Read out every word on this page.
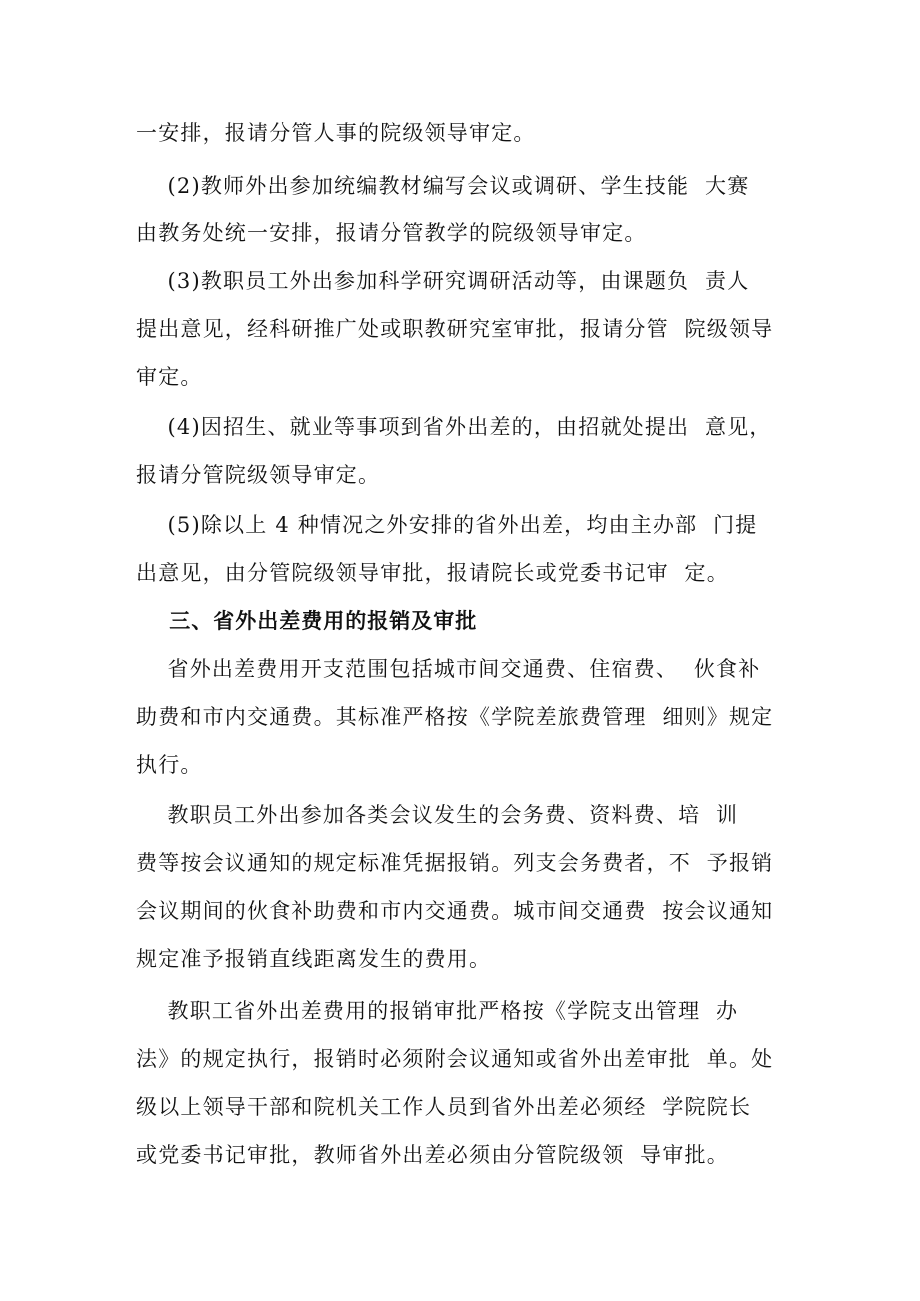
一安排，报请分管人事的院级领导审定。
(2)教师外出参加统编教材编写会议或调研、学生技能  大赛
由教务处统一安排，报请分管教学的院级领导审定。
(3)教职员工外出参加科学研究调研活动等，由课题负  责人
提出意见，经科研推广处或职教研究室审批，报请分管  院级领导
审定。
(4)因招生、就业等事项到省外出差的，由招就处提出  意见，
报请分管院级领导审定。
(5)除以上 4 种情况之外安排的省外出差，均由主办部  门提
出意见，由分管院级领导审批，报请院长或党委书记审  定。
三、省外出差费用的报销及审批
省外出差费用开支范围包括城市间交通费、住宿费、  伙食补
助费和市内交通费。其标准严格按《学院差旅费管理  细则》规定
执行。
教职员工外出参加各类会议发生的会务费、资料费、培  训
费等按会议通知的规定标准凭据报销。列支会务费者，不  予报销
会议期间的伙食补助费和市内交通费。城市间交通费  按会议通知
规定准予报销直线距离发生的费用。
教职工省外出差费用的报销审批严格按《学院支出管理  办
法》的规定执行，报销时必须附会议通知或省外出差审批  单。处
级以上领导干部和院机关工作人员到省外出差必须经  学院院长
或党委书记审批，教师省外出差必须由分管院级领  导审批。
